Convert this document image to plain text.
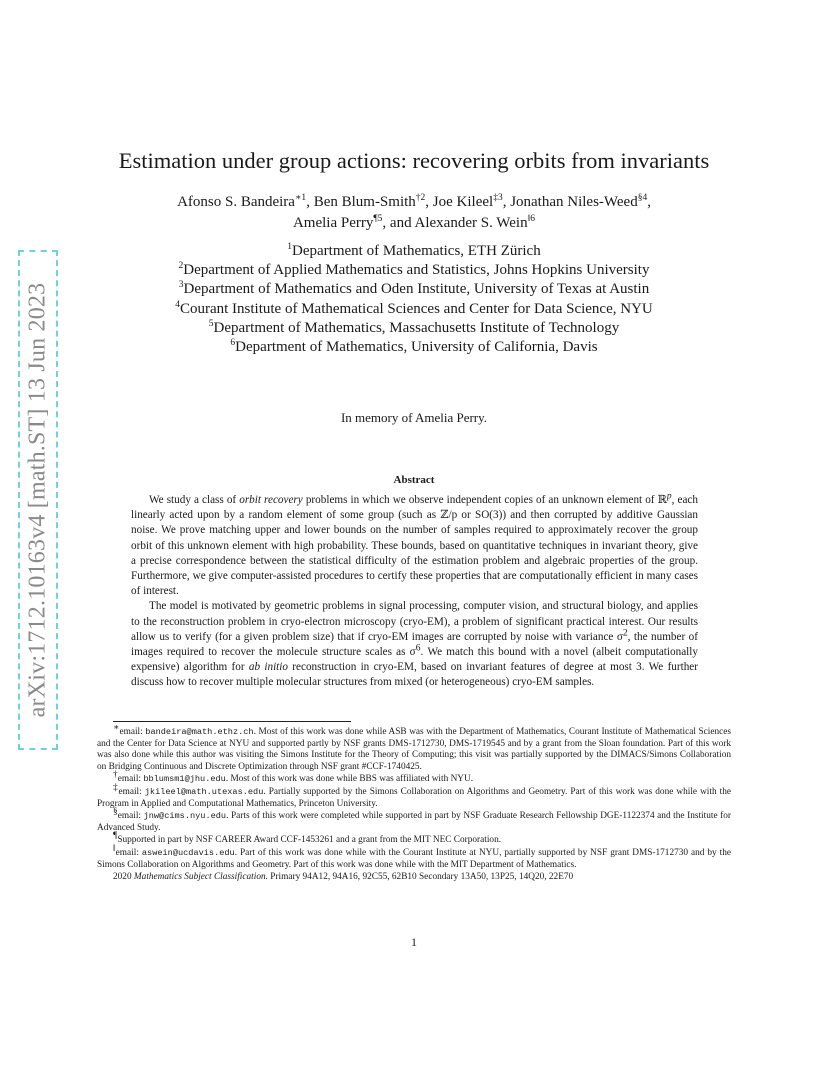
arXiv:1712.10163v4 [math.ST] 13 Jun 2023
Estimation under group actions: recovering orbits from invariants
Afonso S. Bandeira$^{∗1}$, Ben Blum-Smith$^{\dagger 2}$, Joe Kileel$^{\ddagger 3}$, Jonathan Niles-Weed$^{\S 4}$,
Amelia Perry$^{\P 5}$, and Alexander S. Wein$^{‖6}$
$^1$Department of Mathematics, ETH Zürich
$^2$Department of Applied Mathematics and Statistics, Johns Hopkins University
$^3$Department of Mathematics and Oden Institute, University of Texas at Austin
$^4$Courant Institute of Mathematical Sciences and Center for Data Science, NYU
$^5$Department of Mathematics, Massachusetts Institute of Technology
$^6$Department of Mathematics, University of California, Davis
In memory of Amelia Perry.
Abstract

We study a class of orbit recovery problems in which we observe independent copies of an unknown element of ℝ$^p$, each linearly acted upon by a random element of some group (such as ℤ/p or SO(3)) and then corrupted by additive Gaussian noise. We prove matching upper and lower bounds on the number of samples required to approximately recover the group orbit of this unknown element with high probability. These bounds, based on quantitative techniques in invariant theory, give a precise correspondence between the statistical difficulty of the estimation problem and algebraic properties of the group. Furthermore, we give computer-assisted procedures to certify these properties that are computationally efficient in many cases of interest.

The model is motivated by geometric problems in signal processing, computer vision, and structural biology, and applies to the reconstruction problem in cryo-electron microscopy (cryo-EM), a problem of significant practical interest. Our results allow us to verify (for a given problem size) that if cryo-EM images are corrupted by noise with variance $\sigma^2$, the number of images required to recover the molecule structure scales as $\sigma^6$. We match this bound with a novel (albeit computationally expensive) algorithm for ab initio reconstruction in cryo-EM, based on invariant features of degree at most 3. We further discuss how to recover multiple molecular structures from mixed (or heterogeneous) cryo-EM samples.

∗email: bandeira@math.ethz.ch. Most of this work was done while ASB was with the Department of Mathematics, Courant Institute of Mathematical Sciences and the Center for Data Science at NYU and supported partly by NSF grants DMS-1712730, DMS-1719545 and by a grant from the Sloan foundation. Part of this work was also done while this author was visiting the Simons Institute for the Theory of Computing; this visit was partially supported by the DIMACS/Simons Collaboration on Bridging Continuous and Discrete Optimization through NSF grant #CCF-1740425.

†email: bblumsm1@jhu.edu. Most of this work was done while BBS was affiliated with NYU.

‡email: jkileel@math.utexas.edu. Partially supported by the Simons Collaboration on Algorithms and Geometry. Part of this work was done while with the Program in Applied and Computational Mathematics, Princeton University.

§email: jnw@cims.nyu.edu. Parts of this work were completed while supported in part by NSF Graduate Research Fellowship DGE-1122374 and the Institute for Advanced Study.

¶Supported in part by NSF CAREER Award CCF-1453261 and a grant from the MIT NEC Corporation.

‖email: aswein@ucdavis.edu. Part of this work was done while with the Courant Institute at NYU, partially supported by NSF grant DMS-1712730 and by the Simons Collaboration on Algorithms and Geometry. Part of this work was done while with the MIT Department of Mathematics.

2020 Mathematics Subject Classification. Primary 94A12, 94A16, 92C55, 62B10 Secondary 13A50, 13P25, 14Q20, 22E70

1
